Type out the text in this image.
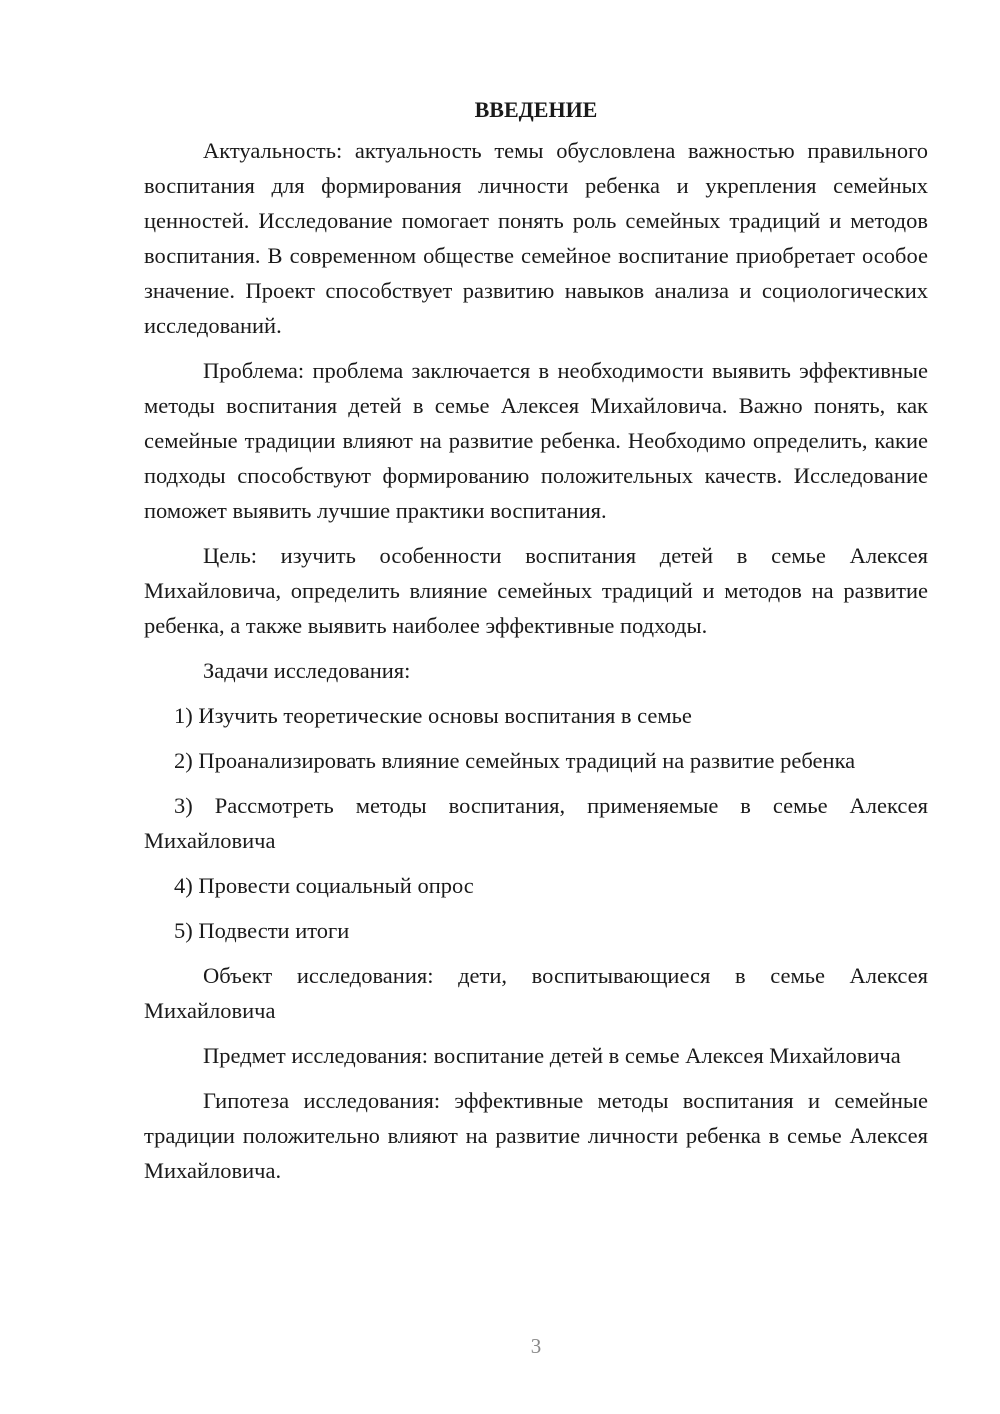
ВВЕДЕНИЕ

Актуальность: актуальность темы обусловлена важностью правильного воспитания для формирования личности ребенка и укрепления семейных ценностей. Исследование помогает понять роль семейных традиций и методов воспитания. В современном обществе семейное воспитание приобретает особое значение. Проект способствует развитию навыков анализа и социологических исследований.

Проблема: проблема заключается в необходимости выявить эффективные методы воспитания детей в семье Алексея Михайловича. Важно понять, как семейные традиции влияют на развитие ребенка. Необходимо определить, какие подходы способствуют формированию положительных качеств. Исследование поможет выявить лучшие практики воспитания.

Цель: изучить особенности воспитания детей в семье Алексея Михайловича, определить влияние семейных традиций и методов на развитие ребенка, а также выявить наиболее эффективные подходы.

Задачи исследования:

1) Изучить теоретические основы воспитания в семье

2) Проанализировать влияние семейных традиций на развитие ребенка

3) Рассмотреть методы воспитания, применяемые в семье Алексея Михайловича

4) Провести социальный опрос

5) Подвести итоги

Объект исследования: дети, воспитывающиеся в семье Алексея Михайловича

Предмет исследования: воспитание детей в семье Алексея Михайловича

Гипотеза исследования: эффективные методы воспитания и семейные традиции положительно влияют на развитие личности ребенка в семье Алексея Михайловича.

3
